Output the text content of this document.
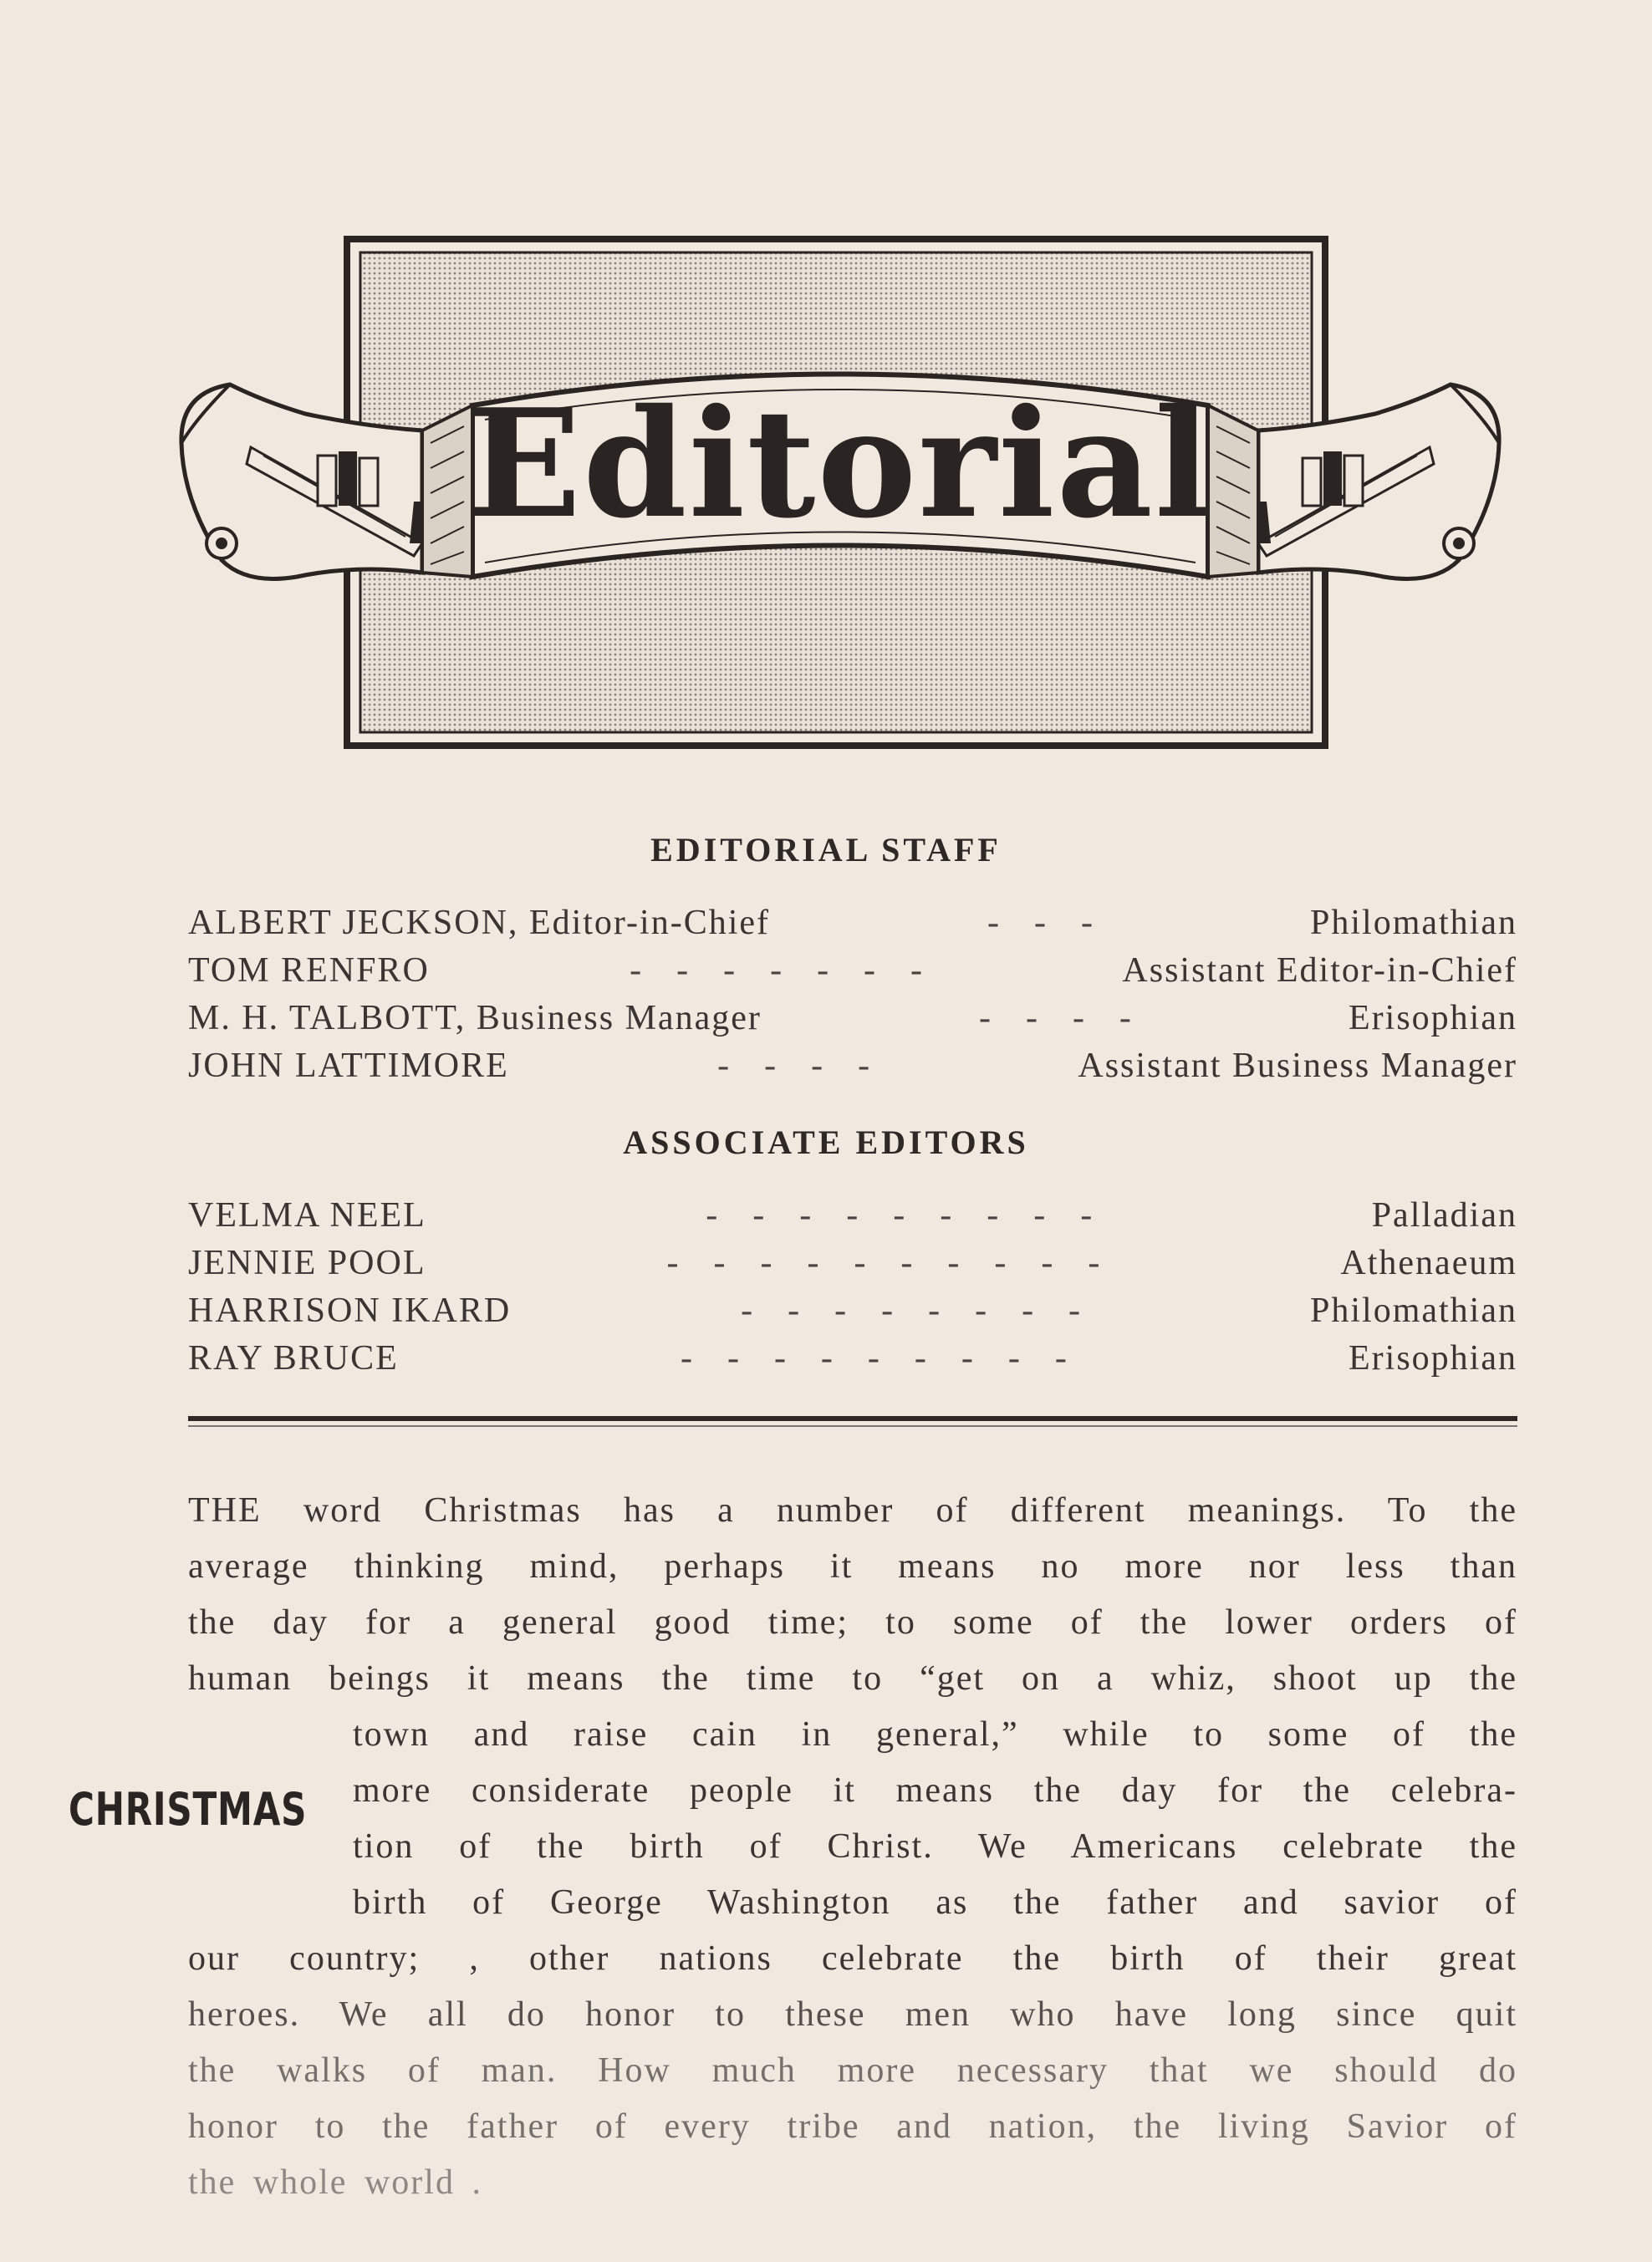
Editorial
EDITORIAL STAFF
ALBERT JECKSON, Editor-in-Chief	-    -    -	Philomathian
TOM RENFRO	-    -    -    -    -    -    -	Assistant Editor-in-Chief
M. H. TALBOTT, Business Manager	-    -    -    -	Erisophian
JOHN LATTIMORE	-    -    -    -	Assistant Business Manager
ASSOCIATE EDITORS
VELMA NEEL	-    -    -    -    -    -    -    -    -	Palladian
JENNIE POOL	-    -    -    -    -    -    -    -    -    -	Athenaeum
HARRISON IKARD	-    -    -    -    -    -    -    -	Philomathian
RAY BRUCE	-    -    -    -    -    -    -    -    -	Erisophian
CHRISTMAS
THE word Christmas has a number of different meanings. To the
average thinking mind, perhaps it means no more nor less than
the day for a general good time; to some of the lower orders of
human beings it means the time to “get on a whiz, shoot up the
town and raise cain in general,” while to some of the
more considerate people it means the day for the celebra-
tion of the birth of Christ. We Americans celebrate the
birth of George Washington as the father and savior of
our country; , other nations celebrate the birth of their great
heroes. We all do honor to these men who have long since quit
the walks of man. How much more necessary that we should do
honor to the father of every tribe and nation, the living Savior of
the whole world .
